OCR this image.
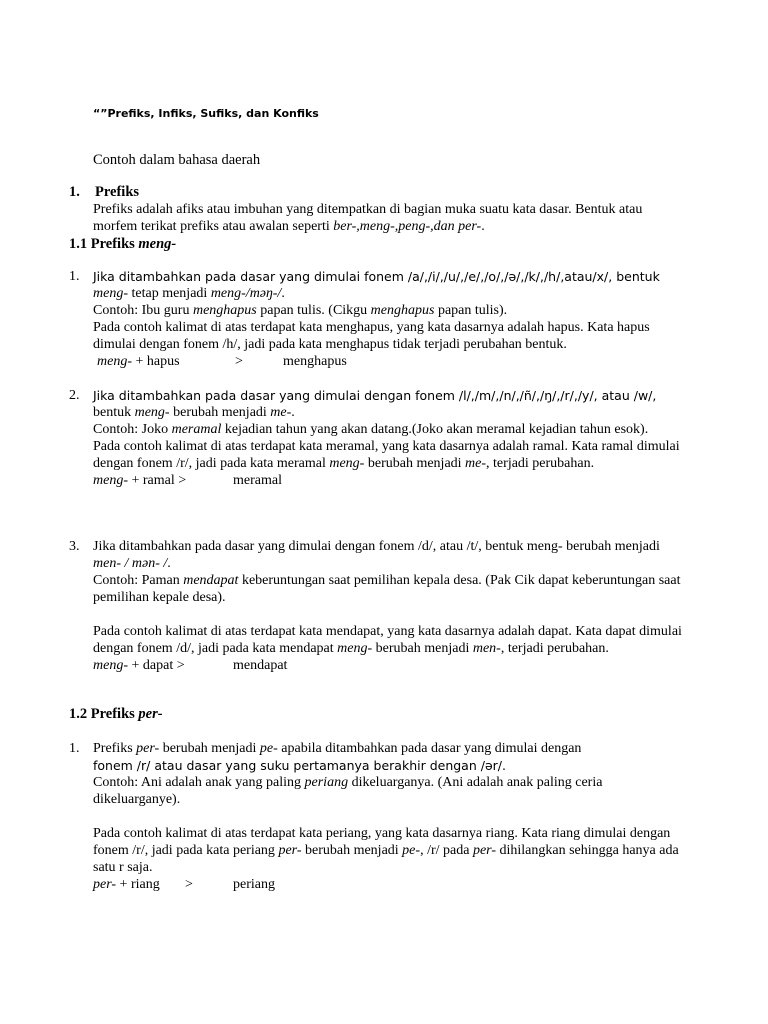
“”Prefiks, Infiks, Sufiks, dan Konfiks
Contoh dalam bahasa daerah
1. Prefiks
Prefiks adalah afiks atau imbuhan yang ditempatkan di bagian muka suatu kata dasar. Bentuk atau morfem terikat prefiks atau awalan seperti ber-,meng-,peng-,dan per-.
1.1 Prefiks meng-
1.	Jika ditambahkan pada dasar yang dimulai fonem /a/,/i/,/u/,/e/,/o/,/ə/,/k/,/h/,atau/x/, bentuk
meng- tetap menjadi meng-/məŋ-/.
Contoh: Ibu guru menghapus papan tulis. (Cikgu menghapus papan tulis).
Pada contoh kalimat di atas terdapat kata menghapus, yang kata dasarnya adalah hapus. Kata hapus dimulai dengan fonem /h/, jadi pada kata menghapus tidak terjadi perubahan bentuk.
meng- + hapus	>	menghapus
2.	Jika ditambahkan pada dasar yang dimulai dengan fonem /l/,/m/,/n/,/ñ/,/ŋ/,/r/,/y/, atau /w/,
bentuk meng- berubah menjadi me-.
Contoh: Joko meramal kejadian tahun yang akan datang.(Joko akan meramal kejadian tahun esok).
Pada contoh kalimat di atas terdapat kata meramal, yang kata dasarnya adalah ramal. Kata ramal dimulai dengan fonem /r/, jadi pada kata meramal meng- berubah menjadi me-, terjadi perubahan.
meng- + ramal >	meramal
3. Jika ditambahkan pada dasar yang dimulai dengan fonem /d/, atau /t/, bentuk meng- berubah menjadi men- / mən- /.
Contoh: Paman mendapat keberuntungan saat pemilihan kepala desa. (Pak Cik dapat keberuntungan saat pemilihan kepale desa).
Pada contoh kalimat di atas terdapat kata mendapat, yang kata dasarnya adalah dapat. Kata dapat dimulai dengan fonem /d/, jadi pada kata mendapat meng- berubah menjadi men-, terjadi perubahan.
meng- + dapat >	mendapat
1.2 Prefiks per-
1. Prefiks per- berubah menjadi pe- apabila ditambahkan pada dasar yang dimulai dengan
fonem /r/ atau dasar yang suku pertamanya berakhir dengan /ər/.
Contoh: Ani adalah anak yang paling periang dikeluarganya. (Ani adalah anak paling ceria dikeluarganye).
Pada contoh kalimat di atas terdapat kata periang, yang kata dasarnya riang. Kata riang dimulai dengan fonem /r/, jadi pada kata periang per- berubah menjadi pe-, /r/ pada per- dihilangkan sehingga hanya ada satu r saja.
per- + riang	>	periang
